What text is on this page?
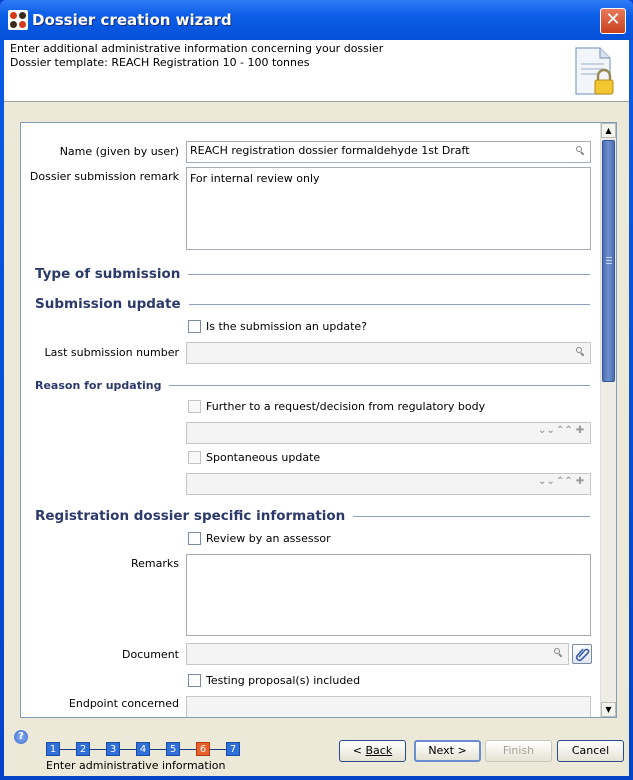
Dossier creation wizard	✕
Enter additional administrative information concerning your dossier
Dossier template: REACH Registration 10 - 100 tonnes
Name (given by user) REACH registration dossier formaldehyde 1st Draft
Dossier submission remark For internal review only
Type of submission
Submission update
Is the submission an update?
Last submission number
Reason for updating
Further to a request/decision from regulatory body
⌄⌄ ⌃⌃ ✚
Spontaneous update
⌄⌄ ⌃⌃ ✚
Registration dossier specific information
Review by an assessor
Remarks
Document
Testing proposal(s) included
Endpoint concerned
▲
▼
?
1	2	3	4	5	6	7
Enter administrative information
< Back	Next >	Finish	Cancel
